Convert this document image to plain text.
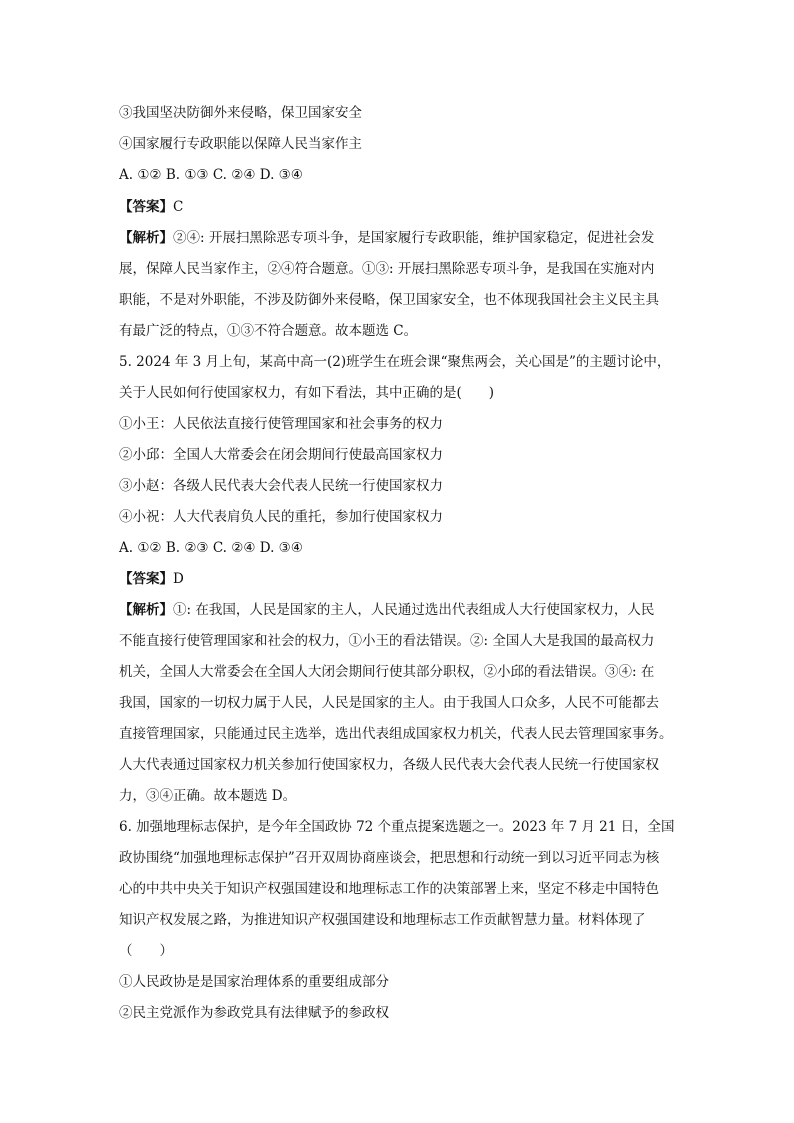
③我国坚决防御外来侵略，保卫国家安全
④国家履行专政职能以保障人民当家作主
A. ①② B. ①③ C. ②④ D. ③④
【答案】C
【解析】②④: 开展扫黑除恶专项斗争，是国家履行专政职能，维护国家稳定，促进社会发
展，保障人民当家作主，②④符合题意。①③: 开展扫黑除恶专项斗争，是我国在实施对内
职能，不是对外职能，不涉及防御外来侵略，保卫国家安全，也不体现我国社会主义民主具
有最广泛的特点，①③不符合题意。故本题选 C。
5. 2024 年 3 月上旬，某高中高一(2)班学生在班会课“聚焦两会，关心国是”的主题讨论中，
关于人民如何行使国家权力，有如下看法，其中正确的是(　　)
①小王：人民依法直接行使管理国家和社会事务的权力
②小邱：全国人大常委会在闭会期间行使最高国家权力
③小赵：各级人民代表大会代表人民统一行使国家权力
④小祝：人大代表肩负人民的重托，参加行使国家权力
A. ①② B. ②③ C. ②④ D. ③④
【答案】D
【解析】①: 在我国，人民是国家的主人，人民通过选出代表组成人大行使国家权力，人民
不能直接行使管理国家和社会的权力，①小王的看法错误。②: 全国人大是我国的最高权力
机关，全国人大常委会在全国人大闭会期间行使其部分职权，②小邱的看法错误。③④: 在
我国，国家的一切权力属于人民，人民是国家的主人。由于我国人口众多，人民不可能都去
直接管理国家，只能通过民主选举，选出代表组成国家权力机关，代表人民去管理国家事务。
人大代表通过国家权力机关参加行使国家权力，各级人民代表大会代表人民统一行使国家权
力，③④正确。故本题选 D。
6. 加强地理标志保护，是今年全国政协 72 个重点提案选题之一。2023 年 7 月 21 日，全国
政协围绕“加强地理标志保护”召开双周协商座谈会，把思想和行动统一到以习近平同志为核
心的中共中央关于知识产权强国建设和地理标志工作的决策部署上来，坚定不移走中国特色
知识产权发展之路，为推进知识产权强国建设和地理标志工作贡献智慧力量。材料体现了
（　　）
①人民政协是是国家治理体系的重要组成部分
②民主党派作为参政党具有法律赋予的参政权
